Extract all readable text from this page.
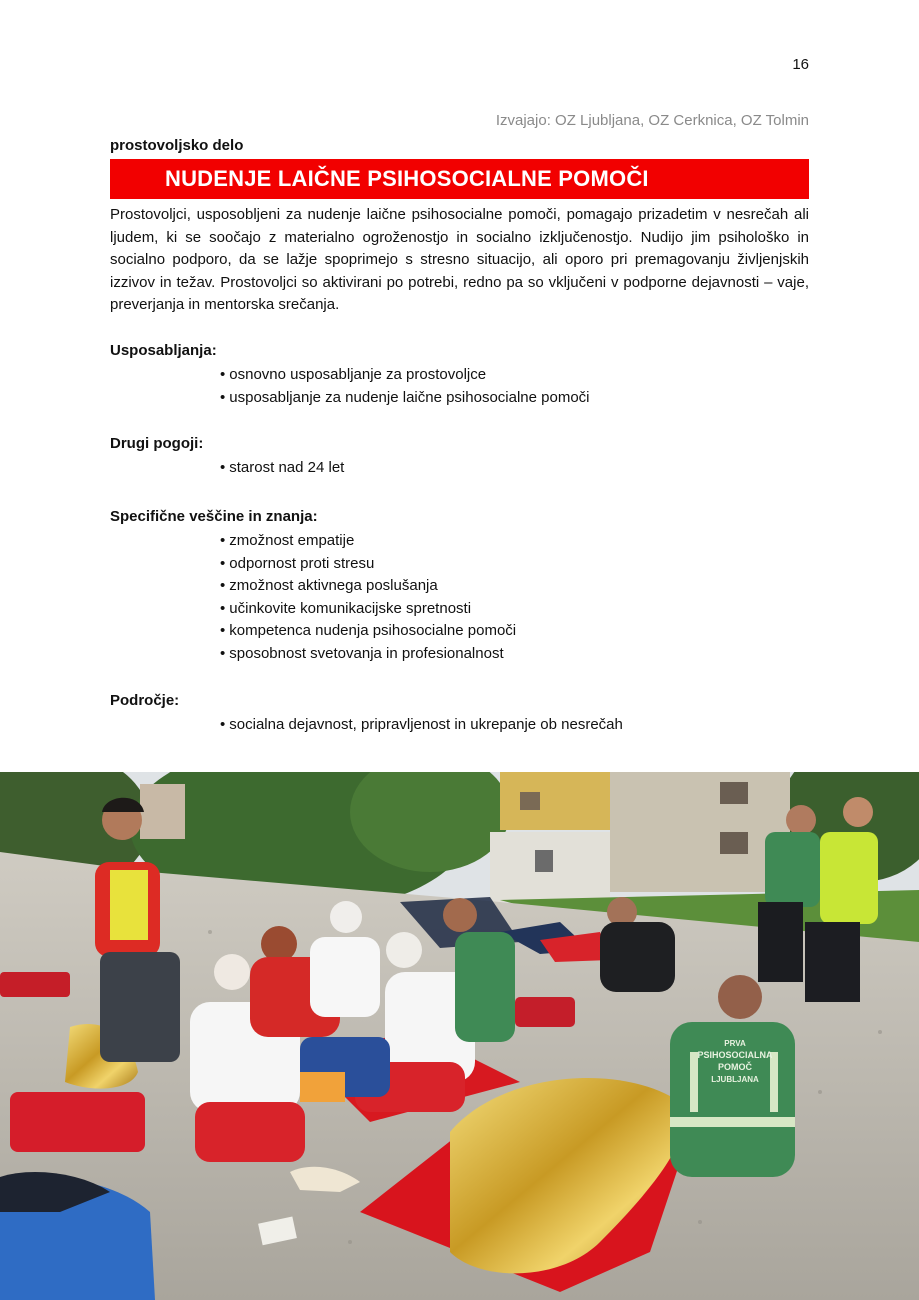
16
Izvajajo: OZ Ljubljana, OZ Cerknica, OZ Tolmin
prostovoljsko delo
NUDENJE LAIČNE PSIHOSOCIALNE POMOČI

Prostovoljci, usposobljeni za nudenje laične psihosocialne pomoči, pomagajo prizadetim v nesrečah ali ljudem, ki se soočajo z materialno ogroženostjo in socialno izključenostjo. Nudijo jim psihološko in socialno podporo, da se lažje spoprimejo s stresno situacijo, ali oporo pri premagovanju življenjskih izzivov in težav. Prostovoljci so aktivirani po potrebi, redno pa so vključeni v podporne dejavnosti – vaje, preverjanja in mentorska srečanja.

Usposabljanja:
• osnovno usposabljanje za prostovoljce
• usposabljanje za nudenje laične psihosocialne pomoči
Drugi pogoji:
• starost nad 24 let
Specifične veščine in znanja:
• zmožnost empatije
• odpornost proti stresu
• zmožnost aktivnega poslušanja
• učinkovite komunikacijske spretnosti
• kompetenca nudenja psihosocialne pomoči
• sposobnost svetovanja in profesionalnost
Področje:
• socialna dejavnost, pripravljenost in ukrepanje ob nesrečah
PRVA
PSIHOSOCIALNA
POMOČ
LJUBLJANA
